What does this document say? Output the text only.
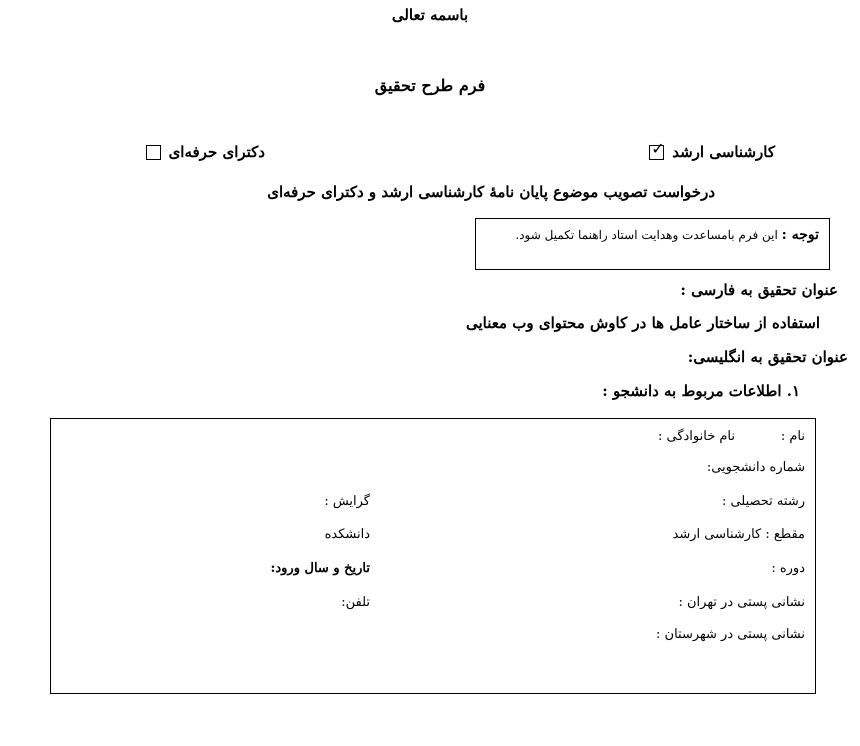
باسمه تعالی
فرم طرح تحقیق
کارشناسی ارشد
✓
دکترای حرفه‌ای
درخواست تصویب موضوع پایان نامهٔ کارشناسی ارشد و دکترای حرفه‌ای
توجه : این فرم بامساعدت وهدایت استاد راهنما تکمیل شود.
عنوان تحقیق به فارسی :
استفاده از ساختار عامل ها در کاوش محتوای وب معنایی
عنوان تحقیق به انگلیسی:
۱. اطلاعات مربوط به دانشجو :
نام :
نام خانوادگی :
شماره دانشجویی:
رشته تحصیلی :
گرایش :
مقطع : کارشناسی ارشد
دانشکده
دوره :
تاریخ و سال ورود:
نشانی پستی در تهران :
تلفن:
نشانی پستی در شهرستان :
